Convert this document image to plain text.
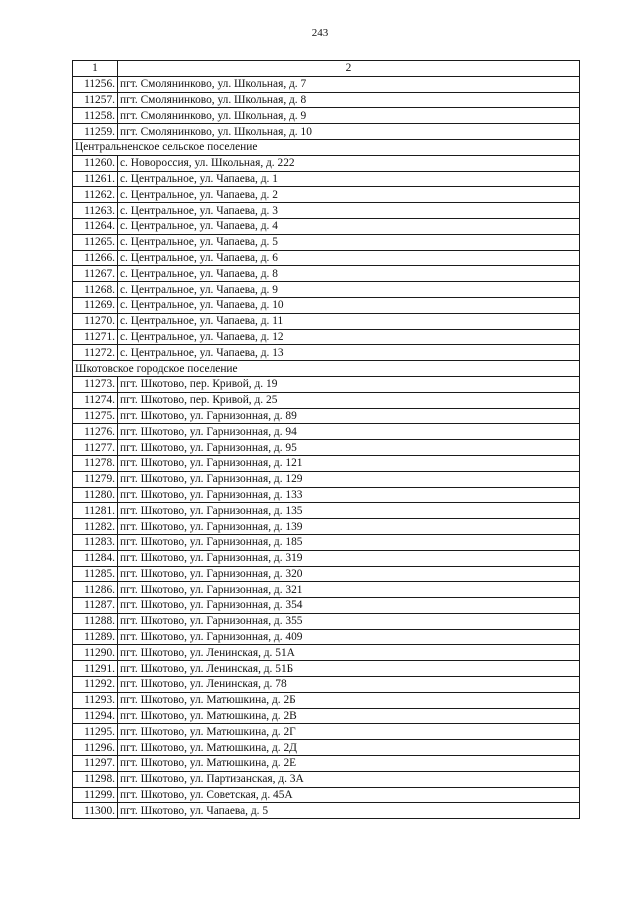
243
1	2
11256.	пгт. Смолянинково, ул. Школьная, д. 7
11257.	пгт. Смолянинково, ул. Школьная, д. 8
11258.	пгт. Смолянинково, ул. Школьная, д. 9
11259.	пгт. Смолянинково, ул. Школьная, д. 10
Центральненское сельское поселение	
11260.	с. Новороссия, ул. Школьная, д. 222
11261.	с. Центральное, ул. Чапаева, д. 1
11262.	с. Центральное, ул. Чапаева, д. 2
11263.	с. Центральное, ул. Чапаева, д. 3
11264.	с. Центральное, ул. Чапаева, д. 4
11265.	с. Центральное, ул. Чапаева, д. 5
11266.	с. Центральное, ул. Чапаева, д. 6
11267.	с. Центральное, ул. Чапаева, д. 8
11268.	с. Центральное, ул. Чапаева, д. 9
11269.	с. Центральное, ул. Чапаева, д. 10
11270.	с. Центральное, ул. Чапаева, д. 11
11271.	с. Центральное, ул. Чапаева, д. 12
11272.	с. Центральное, ул. Чапаева, д. 13
Шкотовское городское поселение	
11273.	пгт. Шкотово, пер. Кривой, д. 19
11274.	пгт. Шкотово, пер. Кривой, д. 25
11275.	пгт. Шкотово, ул. Гарнизонная, д. 89
11276.	пгт. Шкотово, ул. Гарнизонная, д. 94
11277.	пгт. Шкотово, ул. Гарнизонная, д. 95
11278.	пгт. Шкотово, ул. Гарнизонная, д. 121
11279.	пгт. Шкотово, ул. Гарнизонная, д. 129
11280.	пгт. Шкотово, ул. Гарнизонная, д. 133
11281.	пгт. Шкотово, ул. Гарнизонная, д. 135
11282.	пгт. Шкотово, ул. Гарнизонная, д. 139
11283.	пгт. Шкотово, ул. Гарнизонная, д. 185
11284.	пгт. Шкотово, ул. Гарнизонная, д. 319
11285.	пгт. Шкотово, ул. Гарнизонная, д. 320
11286.	пгт. Шкотово, ул. Гарнизонная, д. 321
11287.	пгт. Шкотово, ул. Гарнизонная, д. 354
11288.	пгт. Шкотово, ул. Гарнизонная, д. 355
11289.	пгт. Шкотово, ул. Гарнизонная, д. 409
11290.	пгт. Шкотово, ул. Ленинская, д. 51А
11291.	пгт. Шкотово, ул. Ленинская, д. 51Б
11292.	пгт. Шкотово, ул. Ленинская, д. 78
11293.	пгт. Шкотово, ул. Матюшкина, д. 2Б
11294.	пгт. Шкотово, ул. Матюшкина, д. 2В
11295.	пгт. Шкотово, ул. Матюшкина, д. 2Г
11296.	пгт. Шкотово, ул. Матюшкина, д. 2Д
11297.	пгт. Шкотово, ул. Матюшкина, д. 2Е
11298.	пгт. Шкотово, ул. Партизанская, д. 3А
11299.	пгт. Шкотово, ул. Советская, д. 45А
11300.	пгт. Шкотово, ул. Чапаева, д. 5
